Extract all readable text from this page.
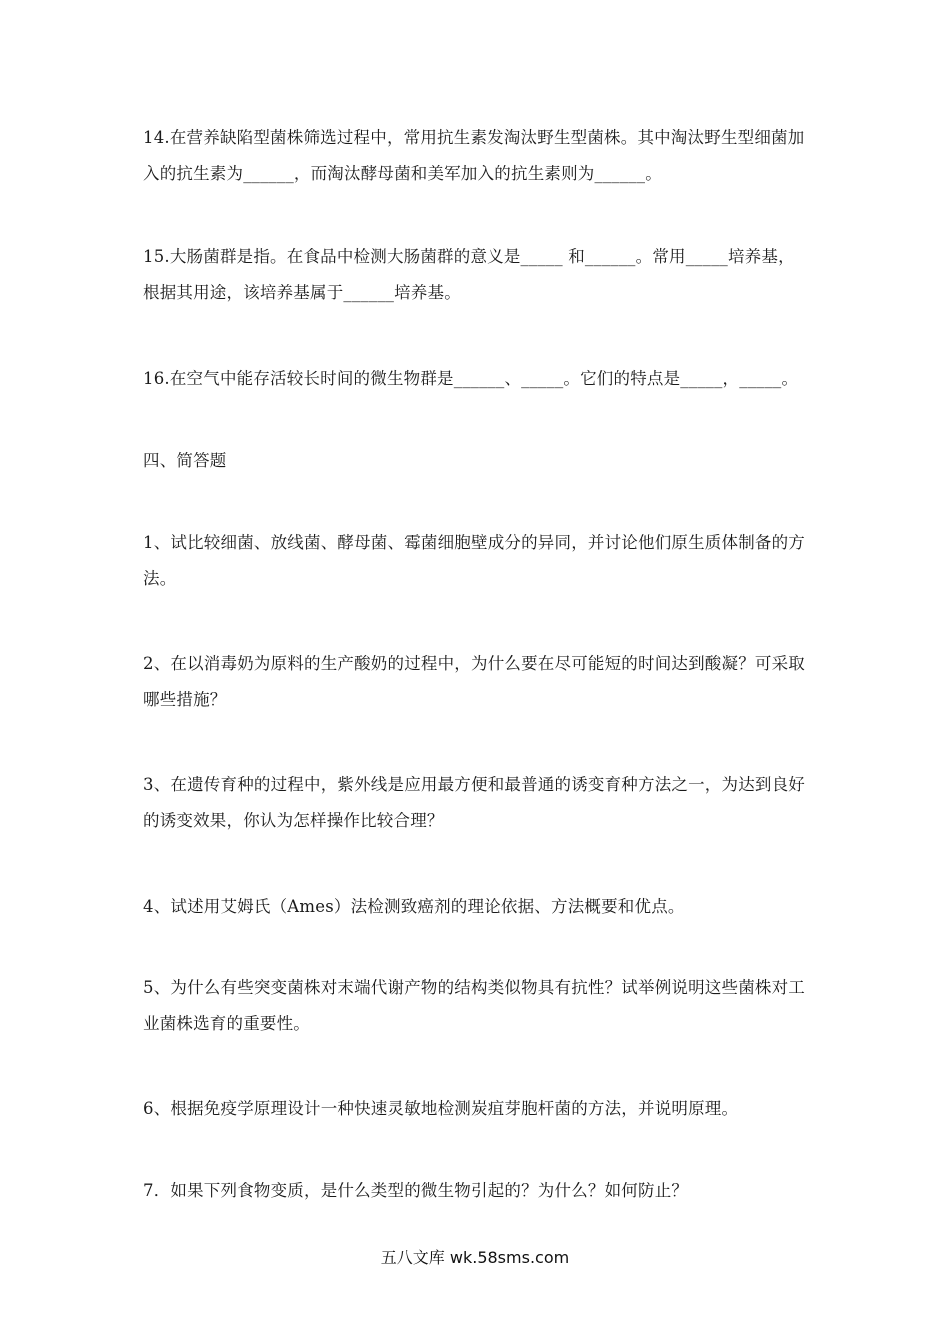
14.在营养缺陷型菌株筛选过程中，常用抗生素发淘汰野生型菌株。其中淘汰野生型细菌加
入的抗生素为______，而淘汰酵母菌和美军加入的抗生素则为______。

15.大肠菌群是指。在食品中检测大肠菌群的意义是_____ 和______。常用_____培养基，
根据其用途，该培养基属于______培养基。

16.在空气中能存活较长时间的微生物群是______、_____。它们的特点是_____，_____。

四、简答题

1、试比较细菌、放线菌、酵母菌、霉菌细胞壁成分的异同，并讨论他们原生质体制备的方
法。

2、在以消毒奶为原料的生产酸奶的过程中，为什么要在尽可能短的时间达到酸凝？可采取
哪些措施？

3、在遗传育种的过程中，紫外线是应用最方便和最普通的诱变育种方法之一，为达到良好
的诱变效果，你认为怎样操作比较合理？

4、试述用艾姆氏（Ames）法检测致癌剂的理论依据、方法概要和优点。

5、为什么有些突变菌株对末端代谢产物的结构类似物具有抗性？试举例说明这些菌株对工
业菌株选育的重要性。

6、根据免疫学原理设计一种快速灵敏地检测炭疽芽胞杆菌的方法，并说明原理。

7．如果下列食物变质，是什么类型的微生物引起的？为什么？如何防止？

五八文库 wk.58sms.com
